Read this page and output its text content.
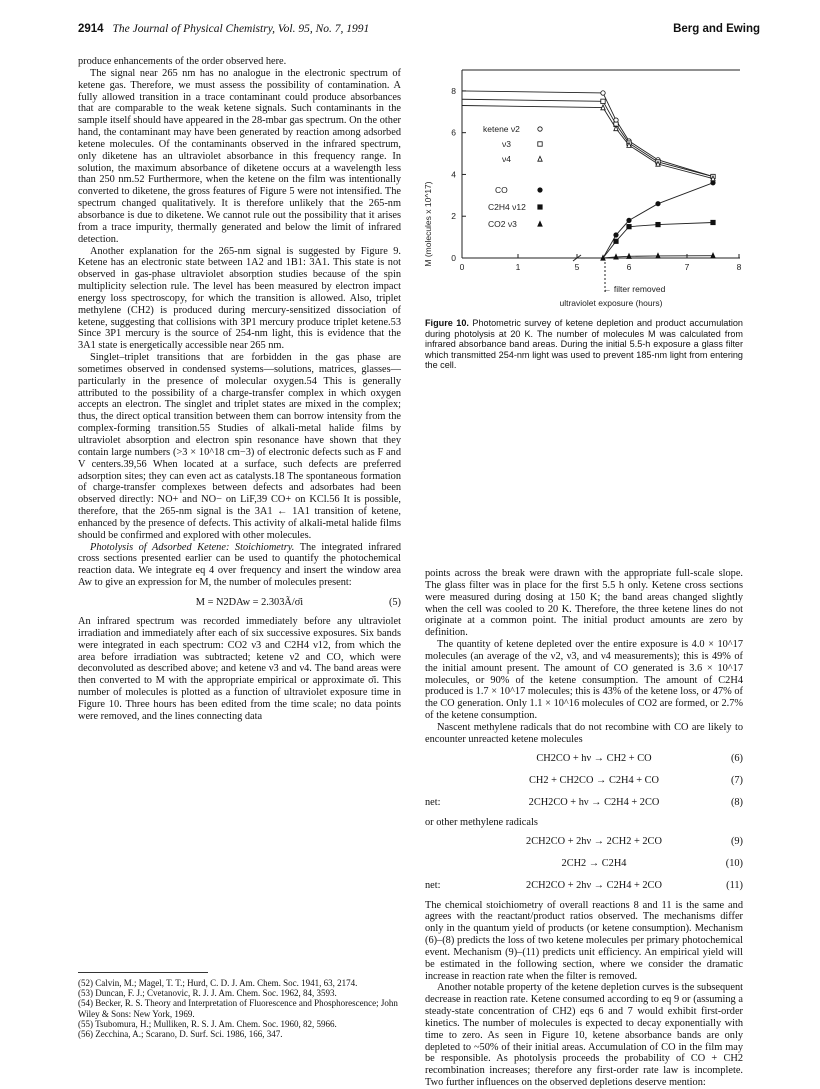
2914 The Journal of Physical Chemistry, Vol. 95, No. 7, 1991	Berg and Ewing

produce enhancements of the order observed here.

The signal near 265 nm has no analogue in the electronic spectrum of ketene gas. Therefore, we must assess the possibility of contamination. A fully allowed transition in a trace contaminant could produce absorbances that are comparable to the weak ketene signals. Such contaminants in the sample itself should have appeared in the 28-mbar gas spectrum. On the other hand, the contaminant may have been generated by reaction among adsorbed ketene molecules. Of the contaminants observed in the infrared spectrum, only diketene has an ultraviolet absorbance in this frequency range. In solution, the maximum absorbance of diketene occurs at a wavelength less than 250 nm.52 Furthermore, when the ketene on the film was intentionally converted to diketene, the gross features of Figure 5 were not intensified. The spectrum changed qualitatively. It is therefore unlikely that the 265-nm absorbance is due to diketene. We cannot rule out the possibility that it arises from a trace impurity, thermally generated and below the limit of infrared detection.

Another explanation for the 265-nm signal is suggested by Figure 9. Ketene has an electronic state between 1A2 and 1B1: 3A1. This state is not observed in gas-phase ultraviolet absorption studies because of the spin multiplicity selection rule. The level has been measured by electron impact energy loss spectroscopy, for which the transition is allowed. Also, triplet methylene (CH2) is produced during mercury-sensitized dissociation of ketene, suggesting that collisions with 3P1 mercury produce triplet ketene.53 Since 3P1 mercury is the source of 254-nm light, this is evidence that the 3A1 state is energetically accessible near 265 nm.

Singlet–triplet transitions that are forbidden in the gas phase are sometimes observed in condensed systems—solutions, matrices, glasses—particularly in the presence of molecular oxygen.54 This is generally attributed to the possibility of a charge-transfer complex in which oxygen accepts an electron. The singlet and triplet states are mixed in the complex; thus, the direct optical transition between them can borrow intensity from the complex-forming transition.55 Studies of alkali-metal halide films by ultraviolet absorption and electron spin resonance have shown that they contain large numbers (>3 × 10^18 cm−3) of electronic defects such as F and V centers.39,56 When located at a surface, such defects are preferred adsorption sites; they can even act as catalysts.18 The spontaneous formation of charge-transfer complexes between defects and adsorbates had been observed directly: NO+ and NO− on LiF,39 CO+ on KCl.56 It is possible, therefore, that the 265-nm signal is the 3A1 ← 1A1 transition of ketene, enhanced by the presence of defects. This activity of alkali-metal halide films should be confirmed and explored with other molecules.

Photolysis of Adsorbed Ketene: Stoichiometry. The integrated infrared cross sections presented earlier can be used to quantify the photochemical reaction data. We integrate eq 4 over frequency and insert the window area Aw to give an expression for M, the number of molecules present:

M = N2DAw = 2.303Ã/σ̄i	(5)

An infrared spectrum was recorded immediately before any ultraviolet irradiation and immediately after each of six successive exposures. Six bands were integrated in each spectrum: CO2 ν3 and C2H4 ν12, from which the area before irradiation was subtracted; ketene ν2 and CO, which were deconvoluted as described above; and ketene ν3 and ν4. The band areas were then converted to M with the appropriate empirical or approximate σ̄i. This number of molecules is plotted as a function of ultraviolet exposure time in Figure 10. Three hours has been edited from the time scale; no data points were removed, and the lines connecting data

(52) Calvin, M.; Magel, T. T.; Hurd, C. D. J. Am. Chem. Soc. 1941, 63, 2174.
(53) Duncan, F. J.; Cvetanovic, R. J. J. Am. Chem. Soc. 1962, 84, 3593.
(54) Becker, R. S. Theory and Interpretation of Fluorescence and Phosphorescence; John Wiley & Sons: New York, 1969.
(55) Tsubomura, H.; Mulliken, R. S. J. Am. Chem. Soc. 1960, 82, 5966.
(56) Zecchina, A.; Scarano, D. Surf. Sci. 1986, 166, 347.
M (molecules x 10^17)
ultraviolet exposure (hours)
← filter removed
ketene ν2
ν3
ν4
CO
C2H4 ν12
CO2 ν3
0
2
4
6
8
0	1	5	6	7	8
Figure 10. Photometric survey of ketene depletion and product accumulation during photolysis at 20 K. The number of molecules M was calculated from infrared absorbance band areas. During the initial 5.5-h exposure a glass filter which transmitted 254-nm light was used to prevent 185-nm light from entering the cell.

points across the break were drawn with the appropriate full-scale slope. The glass filter was in place for the first 5.5 h only. Ketene cross sections were measured during dosing at 150 K; the band areas changed slightly when the cell was cooled to 20 K. Therefore, the three ketene lines do not originate at a common point. The initial product amounts are zero by definition.

The quantity of ketene depleted over the entire exposure is 4.0 × 10^17 molecules (an average of the ν2, ν3, and ν4 measurements); this is 49% of the initial amount present. The amount of CO generated is 3.6 × 10^17 molecules, or 90% of the ketene consumption. The amount of C2H4 produced is 1.7 × 10^17 molecules; this is 43% of the ketene loss, or 47% of the CO generation. Only 1.1 × 10^16 molecules of CO2 are formed, or 2.7% of the ketene consumption.

Nascent methylene radicals that do not recombine with CO are likely to encounter unreacted ketene molecules

CH2CO + hν → CH2 + CO	(6)
CH2 + CH2CO → C2H4 + CO	(7)
net:	2CH2CO + hν → C2H4 + 2CO	(8)

or other methylene radicals

2CH2CO + 2hν → 2CH2 + 2CO	(9)
2CH2 → C2H4	(10)
net:	2CH2CO + 2hν → C2H4 + 2CO	(11)

The chemical stoichiometry of overall reactions 8 and 11 is the same and agrees with the reactant/product ratios observed. The mechanisms differ only in the quantum yield of products (or ketene consumption). Mechanism (6)–(8) predicts the loss of two ketene molecules per primary photochemical event. Mechanism (9)–(11) predicts unit efficiency. An empirical yield will be estimated in the following section, where we consider the dramatic increase in reaction rate when the filter is removed.

Another notable property of the ketene depletion curves is the subsequent decrease in reaction rate. Ketene consumed according to eq 9 or (assuming a steady-state concentration of CH2) eqs 6 and 7 would exhibit first-order kinetics. The number of molecules is expected to decay exponentially with time to zero. As seen in Figure 10, ketene absorbance bands are only depleted to ~50% of their initial areas. Accumulation of CO in the film may be responsible. As photolysis proceeds the probability of CO + CH2 recombination increases; therefore any first-order rate law is incomplete. Two further influences on the observed depletions deserve mention:
